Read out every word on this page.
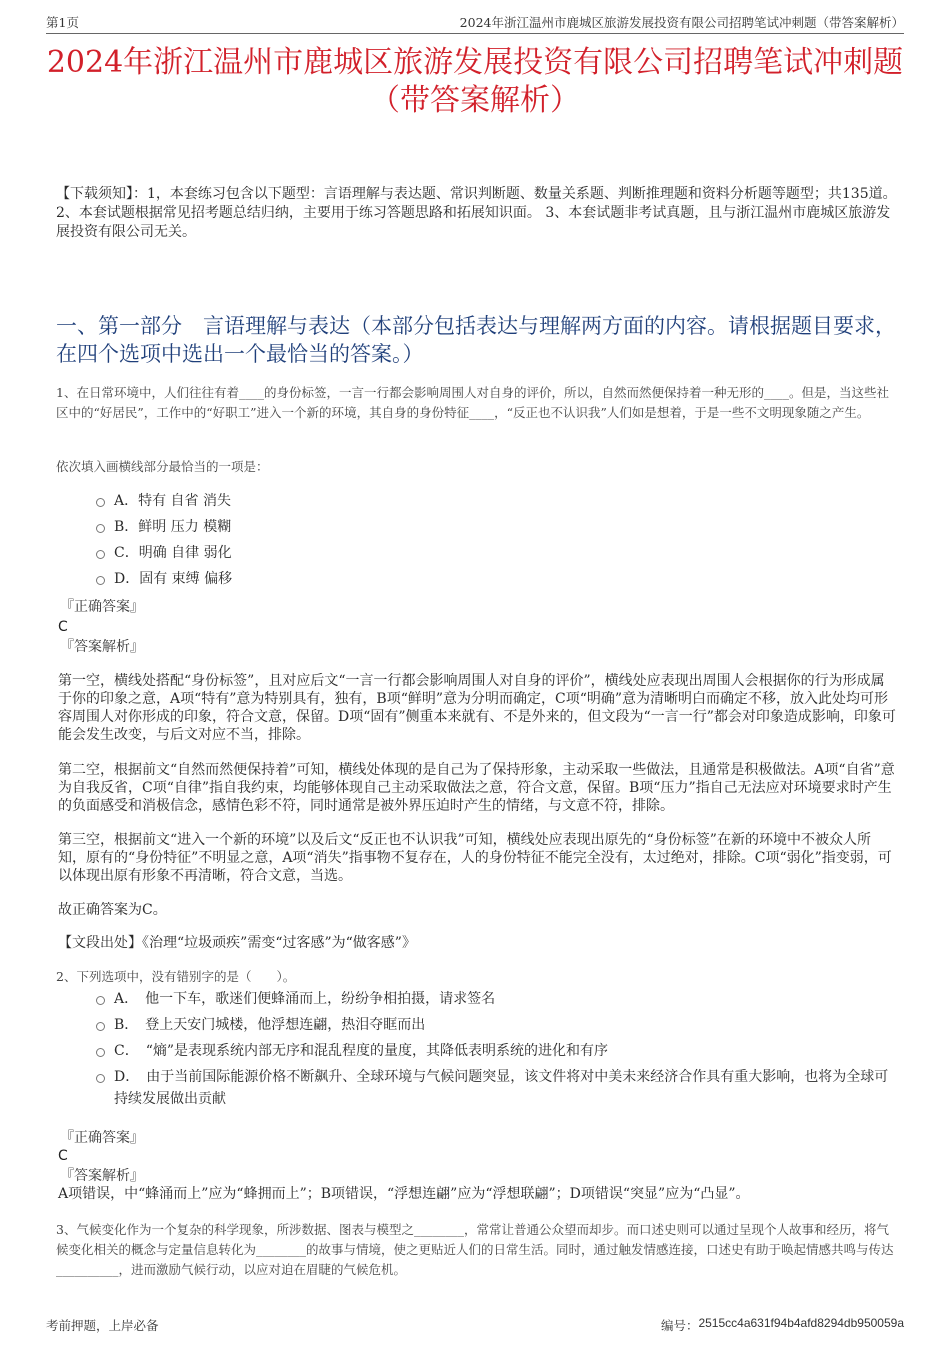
第1页	2024年浙江温州市鹿城区旅游发展投资有限公司招聘笔试冲刺题（带答案解析）
2024年浙江温州市鹿城区旅游发展投资有限公司招聘笔试冲刺题（带答案解析）
【下载须知】：1，本套练习包含以下题型：言语理解与表达题、常识判断题、数量关系题、判断推理题和资料分析题等题型；共135道。 2、本套试题根据常见招考题总结归纳，主要用于练习答题思路和拓展知识面。 3、本套试题非考试真题，且与浙江温州市鹿城区旅游发展投资有限公司无关。
一、第一部分　言语理解与表达（本部分包括表达与理解两方面的内容。请根据题目要求，在四个选项中选出一个最恰当的答案。）
1、在日常环境中，人们往往有着____的身份标签，一言一行都会影响周围人对自身的评价，所以，自然而然便保持着一种无形的____。但是，当这些社区中的“好居民”，工作中的“好职工”进入一个新的环境，其自身的身份特征____，“反正也不认识我”人们如是想着，于是一些不文明现象随之产生。
依次填入画横线部分最恰当的一项是：
A．特有 自省 消失
B．鲜明 压力 模糊
C．明确 自律 弱化
D．固有 束缚 偏移
『正确答案』
C
『答案解析』
第一空，横线处搭配“身份标签”，且对应后文“一言一行都会影响周围人对自身的评价”，横线处应表现出周围人会根据你的行为形成属于你的印象之意，A项“特有”意为特别具有，独有，B项“鲜明”意为分明而确定，C项“明确”意为清晰明白而确定不移，放入此处均可形容周围人对你形成的印象，符合文意，保留。D项“固有”侧重本来就有、不是外来的，但文段为“一言一行”都会对印象造成影响，印象可能会发生改变，与后文对应不当，排除。
第二空，根据前文“自然而然便保持着”可知，横线处体现的是自己为了保持形象，主动采取一些做法，且通常是积极做法。A项“自省”意为自我反省，C项“自律”指自我约束，均能够体现自己主动采取做法之意，符合文意，保留。B项“压力”指自己无法应对环境要求时产生的负面感受和消极信念，感情色彩不符，同时通常是被外界压迫时产生的情绪，与文意不符，排除。
第三空，根据前文“进入一个新的环境”以及后文“反正也不认识我”可知，横线处应表现出原先的“身份标签”在新的环境中不被众人所知，原有的“身份特征”不明显之意，A项“消失”指事物不复存在，人的身份特征不能完全没有，太过绝对，排除。C项“弱化”指变弱，可以体现出原有形象不再清晰，符合文意，当选。
故正确答案为C。
【文段出处】《治理“垃圾顽疾”需变“过客感”为“做客感”》
2、下列选项中，没有错别字的是（　　）。
A．　他一下车，歌迷们便蜂涌而上，纷纷争相拍摄，请求签名
B．　登上天安门城楼，他浮想连翩，热泪夺眶而出
C．　“熵”是表现系统内部无序和混乱程度的量度，其降低表明系统的进化和有序
D．　由于当前国际能源价格不断飙升、全球环境与气候问题突显，该文件将对中美未来经济合作具有重大影响，也将为全球可持续发展做出贡献
『正确答案』
C
『答案解析』
A项错误，中“蜂涌而上”应为“蜂拥而上”；B项错误，“浮想连翩”应为“浮想联翩”；D项错误“突显”应为“凸显”。
3、气候变化作为一个复杂的科学现象，所涉数据、图表与模型之________，常常让普通公众望而却步。而口述史则可以通过呈现个人故事和经历，将气候变化相关的概念与定量信息转化为________的故事与情境，使之更贴近人们的日常生活。同时，通过触发情感连接，口述史有助于唤起情感共鸣与传达__________，进而激励气候行动，以应对迫在眉睫的气候危机。
考前押题，上岸必备	编号： 2515cc4a631f94b4afd8294db950059a
